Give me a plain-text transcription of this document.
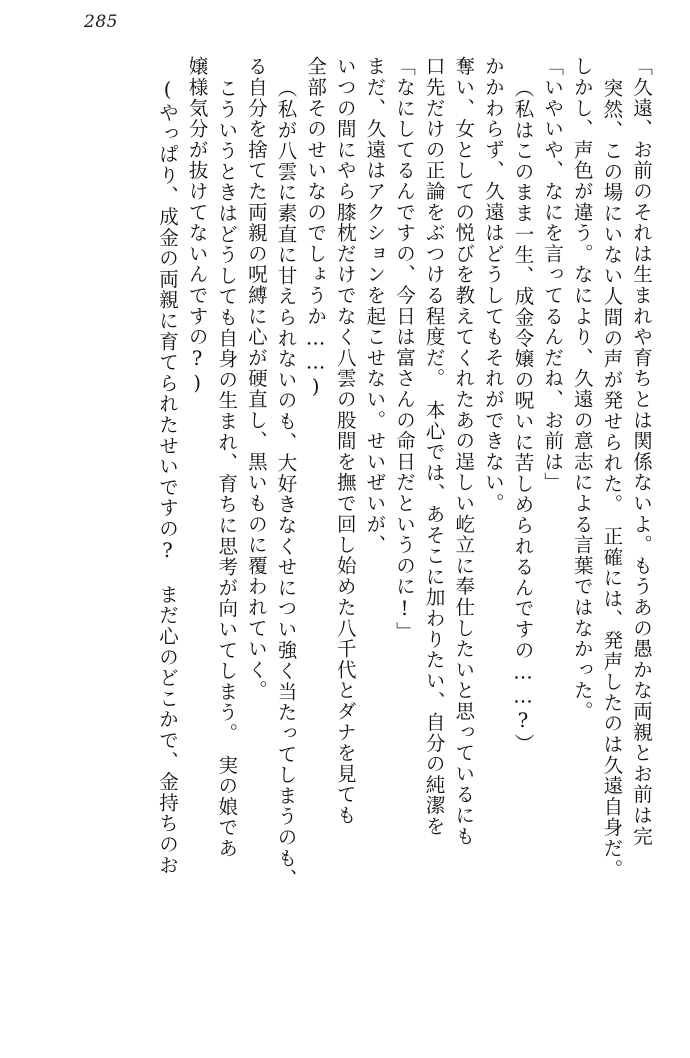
285

「久遠、お前のそれは生まれや育ちとは関係ないよ。もうあの愚かな両親とお前は完

突然、この場にいない人間の声が発せられた。　正確には、発声したのは久遠自身だ。

しかし、声色が違う。なにより、久遠の意志による言葉ではなかった。

「いやいや、なにを言ってるんだね、お前は」

（私はこのまま一生、成金令嬢の呪いに苦しめられるんですの……?）

かかわらず、久遠はどうしてもそれができない。

奪い、女としての悦びを教えてくれたあの逞しい屹立に奉仕したいと思っているにも

口先だけの正論をぶつける程度だ。　本心では、あそこに加わりたい、自分の純潔を

「なにしてるんですの、今日は富さんの命日だというのに!」

まだ、久遠はアクションを起こせない。せいぜいが、

いつの間にやら膝枕だけでなく八雲の股間を撫で回し始めた八千代とダナを見ても

全部そのせいなのでしょうか……)

（私が八雲に素直に甘えられないのも、大好きなくせについ強く当たってしまうのも、

る自分を捨てた両親の呪縛に心が硬直し、黒いものに覆われていく。

こういうときはどうしても自身の生まれ、育ちに思考が向いてしまう。　実の娘であ

嬢様気分が抜けてないんですの?)

(やっぱり、成金の両親に育てられたせいですの?　まだ心のどこかで、金持ちのお
